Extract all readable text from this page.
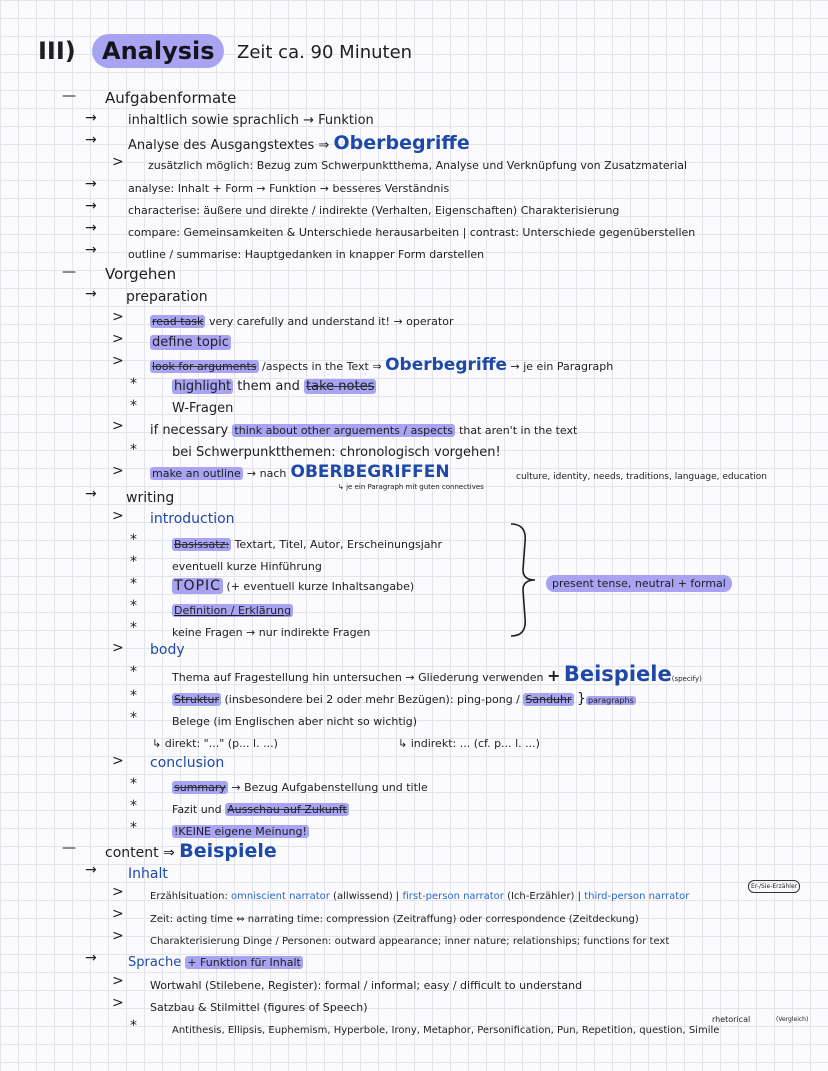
III) Analysis Zeit ca. 90 Minuten
— Aufgabenformate
→ inhaltlich sowie sprachlich → Funktion
→ Analyse des Ausgangstextes ⇒ Oberbegriffe
> zusätzlich möglich: Bezug zum Schwerpunktthema, Analyse und Verknüpfung von Zusatzmaterial
→	analyse: Inhalt + Form → Funktion → besseres Verständnis
→	characterise: äußere und direkte / indirekte (Verhalten, Eigenschaften) Charakterisierung
→	compare: Gemeinsamkeiten & Unterschiede herausarbeiten | contrast: Unterschiede gegenüberstellen
→	outline / summarise: Hauptgedanken in knapper Form darstellen
— Vorgehen
→ preparation
>	read task very carefully and understand it! → operator
> define topic
>	look for arguments /aspects in the Text ⇒ Oberbegriffe → je ein Paragraph
*	highlight them and take notes
*	W-Fragen
> if necessary think about other arguements / aspects that aren't in the text
*	bei Schwerpunktthemen: chronologisch vorgehen!
>	make an outline → nach OBERBEGRIFFEN	culture, identity, needs, traditions, language, education
↳ je ein Paragraph mit guten connectives
→ writing
> introduction
*	Basissatz: Textart, Titel, Autor, Erscheinungsjahr
*	eventuell kurze Hinführung
*	TOPIC (+ eventuell kurze Inhaltsangabe)
*	Definition / Erklärung
*	keine Fragen → nur indirekte Fragen
present tense, neutral + formal
> body
*	Thema auf Fragestellung hin untersuchen → Gliederung verwenden + Beispiele(specify)
*	Struktur (insbesondere bei 2 oder mehr Bezügen): ping-pong / Sanduhr } paragraphs
*	Belege (im Englischen aber nicht so wichtig)
↳ direkt: "..." (p... l. ...)	↳ indirekt: ... (cf. p... l. ...)
> conclusion
*	summary → Bezug Aufgabenstellung und title
*	Fazit und Ausschau auf Zukunft
*	!KEINE eigene Meinung!
— content ⇒ Beispiele
→ Inhalt
>	Erzählsituation: omniscient narrator (allwissend) | first-person narrator (Ich-Erzähler) | third-person narrator
Er-/Sie-Erzähler
>	Zeit: acting time ⇔ narrating time: compression (Zeitraffung) oder correspondence (Zeitdeckung)
>	Charakterisierung Dinge / Personen: outward appearance; inner nature; relationships; functions for text
→ Sprache + Funktion für Inhalt
> Wortwahl (Stilebene, Register): formal / informal; easy / difficult to understand
> Satzbau & Stilmittel (figures of Speech)
rhetorical	(Vergleich)
*	Antithesis, Ellipsis, Euphemism, Hyperbole, Irony, Metaphor, Personification, Pun, Repetition, question, Simile
